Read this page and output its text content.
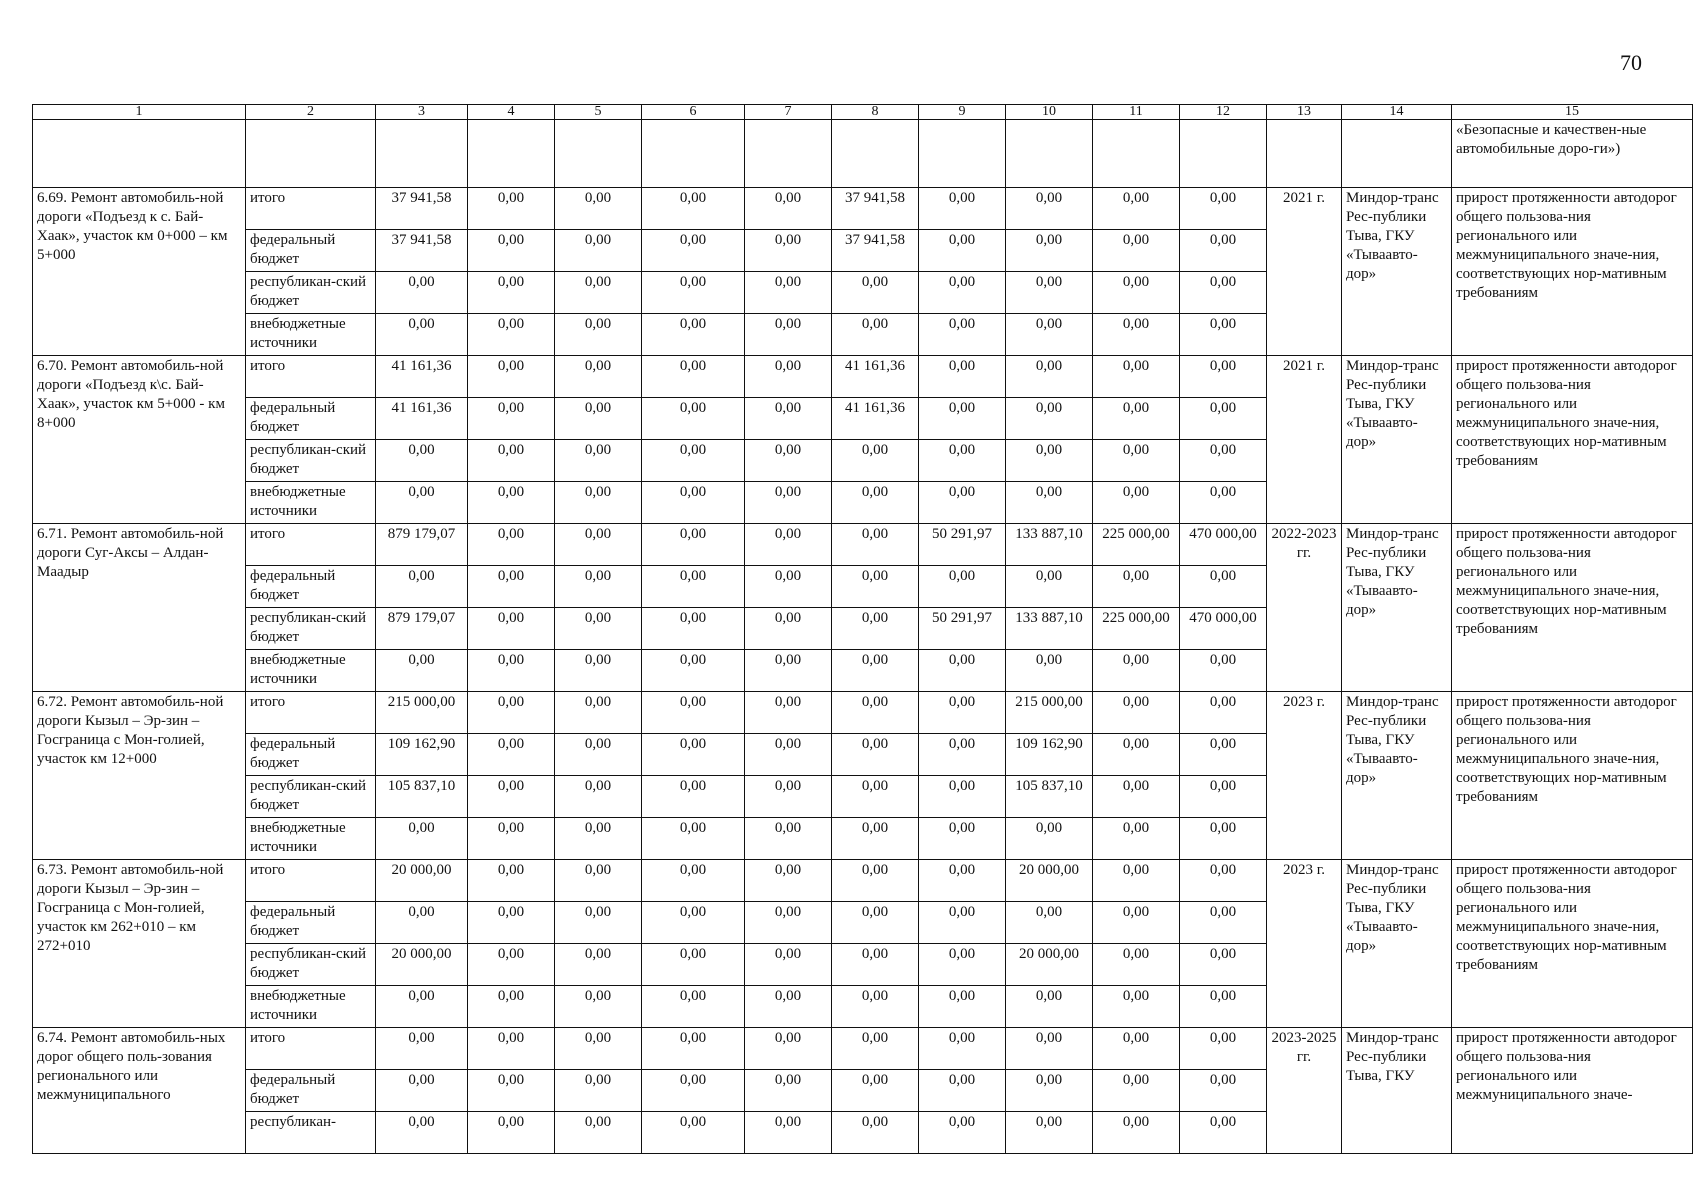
70
1	2	3	4	5	6	7	8	9	10	11	12	13	14	15
														«Безопасные и качествен-ные автомобильные доро-ги»)
6.69. Ремонт автомобиль-ной дороги «Подъезд к с. Бай-Хаак», участок км 0+000 – км 5+000	итого	37 941,58	0,00	0,00	0,00	0,00	37 941,58	0,00	0,00	0,00	0,00	2021 г.	Миндор-транс Рес-публики Тыва, ГКУ «Тываавто-дор»	прирост протяженности автодорог общего пользова-ния регионального или межмуниципального значе-ния, соответствующих нор-мативным требованиям
	федеральный бюджет	37 941,58	0,00	0,00	0,00	0,00	37 941,58	0,00	0,00	0,00	0,00			
	республикан-ский бюджет	0,00	0,00	0,00	0,00	0,00	0,00	0,00	0,00	0,00	0,00			
	внебюджетные источники	0,00	0,00	0,00	0,00	0,00	0,00	0,00	0,00	0,00	0,00			
6.70. Ремонт автомобиль-ной дороги «Подъезд к\с. Бай-Хаак», участок км 5+000 - км 8+000	итого	41 161,36	0,00	0,00	0,00	0,00	41 161,36	0,00	0,00	0,00	0,00	2021 г.	Миндор-транс Рес-публики Тыва, ГКУ «Тываавто-дор»	прирост протяженности автодорог общего пользова-ния регионального или межмуниципального значе-ния, соответствующих нор-мативным требованиям
	федеральный бюджет	41 161,36	0,00	0,00	0,00	0,00	41 161,36	0,00	0,00	0,00	0,00			
	республикан-ский бюджет	0,00	0,00	0,00	0,00	0,00	0,00	0,00	0,00	0,00	0,00			
	внебюджетные источники	0,00	0,00	0,00	0,00	0,00	0,00	0,00	0,00	0,00	0,00			
6.71. Ремонт автомобиль-ной дороги Суг-Аксы – Алдан-Маадыр	итого	879 179,07	0,00	0,00	0,00	0,00	0,00	50 291,97	133 887,10	225 000,00	470 000,00	2022-2023 гг.	Миндор-транс Рес-публики Тыва, ГКУ «Тываавто-дор»	прирост протяженности автодорог общего пользова-ния регионального или межмуниципального значе-ния, соответствующих нор-мативным требованиям
	федеральный бюджет	0,00	0,00	0,00	0,00	0,00	0,00	0,00	0,00	0,00	0,00			
	республикан-ский бюджет	879 179,07	0,00	0,00	0,00	0,00	0,00	50 291,97	133 887,10	225 000,00	470 000,00			
	внебюджетные источники	0,00	0,00	0,00	0,00	0,00	0,00	0,00	0,00	0,00	0,00			
6.72. Ремонт автомобиль-ной дороги Кызыл – Эр-зин – Госграница с Мон-голией, участок км 12+000	итого	215 000,00	0,00	0,00	0,00	0,00	0,00	0,00	215 000,00	0,00	0,00	2023 г.	Миндор-транс Рес-публики Тыва, ГКУ «Тываавто-дор»	прирост протяженности автодорог общего пользова-ния регионального или межмуниципального значе-ния, соответствующих нор-мативным требованиям
	федеральный бюджет	109 162,90	0,00	0,00	0,00	0,00	0,00	0,00	109 162,90	0,00	0,00			
	республикан-ский бюджет	105 837,10	0,00	0,00	0,00	0,00	0,00	0,00	105 837,10	0,00	0,00			
	внебюджетные источники	0,00	0,00	0,00	0,00	0,00	0,00	0,00	0,00	0,00	0,00			
6.73. Ремонт автомобиль-ной дороги Кызыл – Эр-зин – Госграница с Мон-голией, участок км 262+010 – км 272+010	итого	20 000,00	0,00	0,00	0,00	0,00	0,00	0,00	20 000,00	0,00	0,00	2023 г.	Миндор-транс Рес-публики Тыва, ГКУ «Тываавто-дор»	прирост протяженности автодорог общего пользова-ния регионального или межмуниципального значе-ния, соответствующих нор-мативным требованиям
	федеральный бюджет	0,00	0,00	0,00	0,00	0,00	0,00	0,00	0,00	0,00	0,00			
	республикан-ский бюджет	20 000,00	0,00	0,00	0,00	0,00	0,00	0,00	20 000,00	0,00	0,00			
	внебюджетные источники	0,00	0,00	0,00	0,00	0,00	0,00	0,00	0,00	0,00	0,00			
6.74. Ремонт автомобиль-ных дорог общего поль-зования регионального или межмуниципального	итого	0,00	0,00	0,00	0,00	0,00	0,00	0,00	0,00	0,00	0,00	2023-2025 гг.	Миндор-транс Рес-публики Тыва, ГКУ	прирост протяженности автодорог общего пользова-ния регионального или межмуниципального значе-
	федеральный бюджет	0,00	0,00	0,00	0,00	0,00	0,00	0,00	0,00	0,00	0,00			
	республикан-	0,00	0,00	0,00	0,00	0,00	0,00	0,00	0,00	0,00	0,00			
